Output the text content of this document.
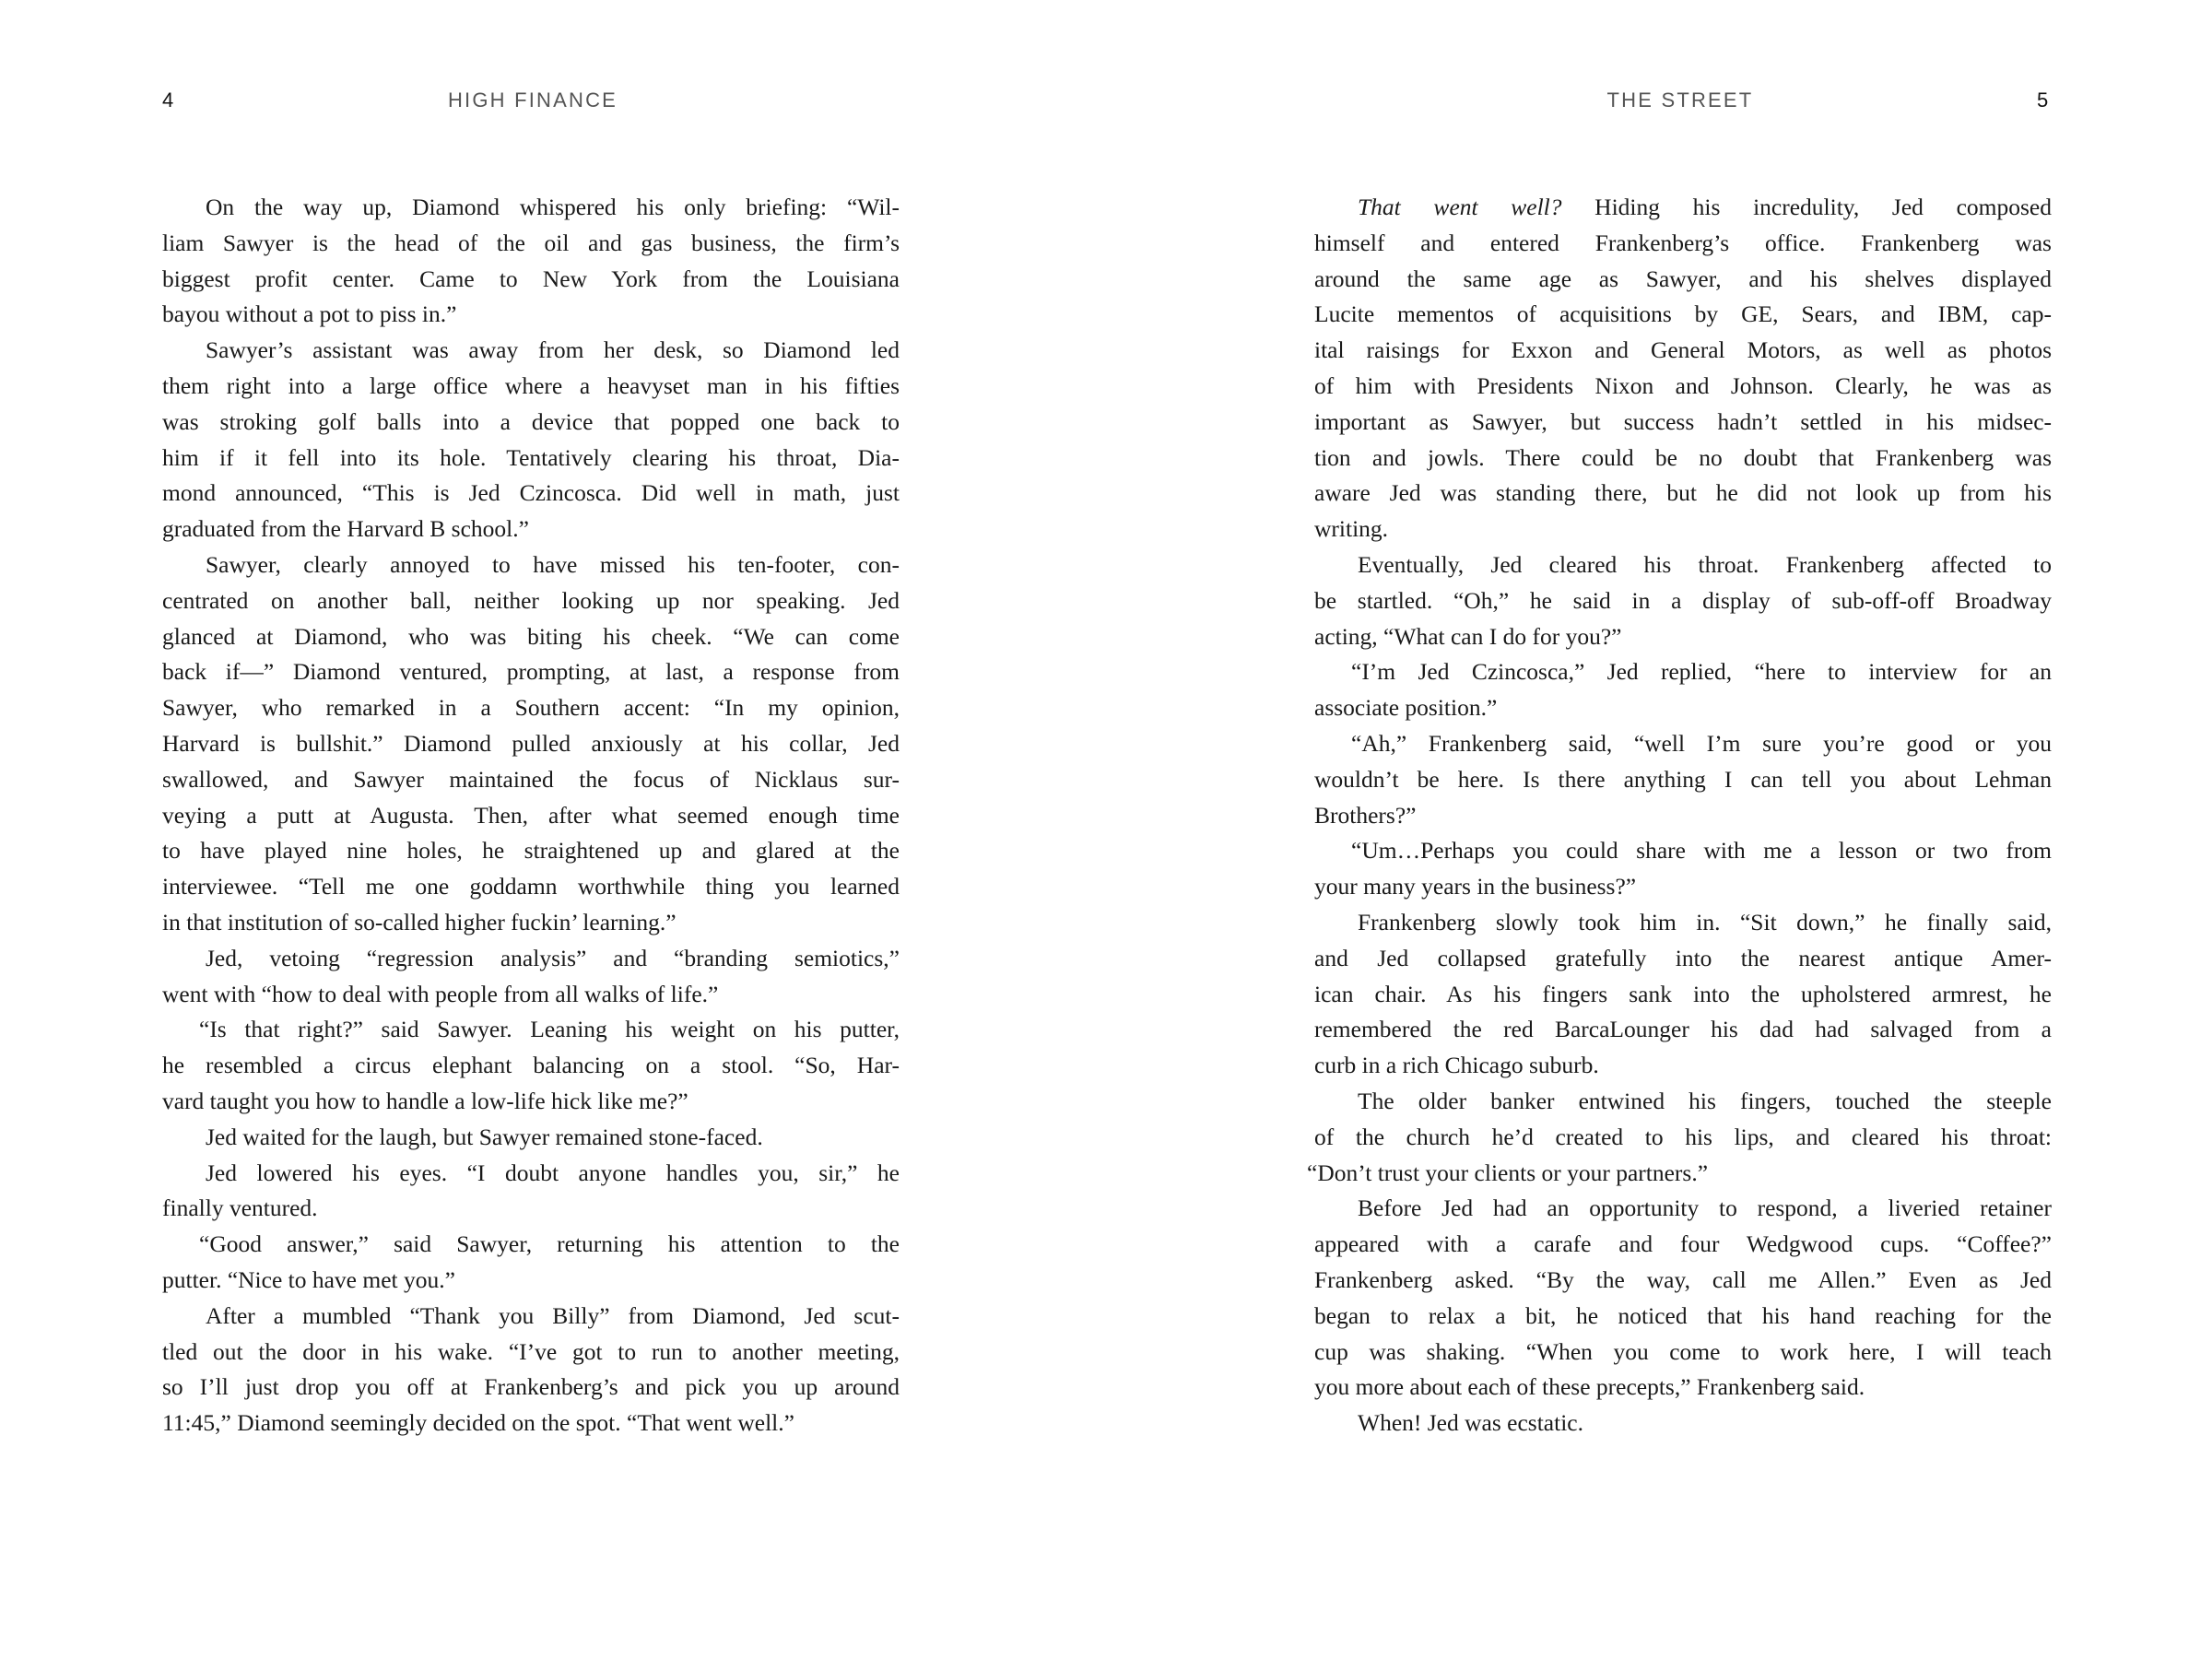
4	HIGH FINANCE
On the way up, Diamond whispered his only briefing: “Wil-
liam Sawyer is the head of the oil and gas business, the firm’s
biggest profit center. Came to New York from the Louisiana
bayou without a pot to piss in.”
Sawyer’s assistant was away from her desk, so Diamond led
them right into a large office where a heavyset man in his fifties
was stroking golf balls into a device that popped one back to
him if it fell into its hole. Tentatively clearing his throat, Dia-
mond announced, “This is Jed Czincosca. Did well in math, just
graduated from the Harvard B school.”
Sawyer, clearly annoyed to have missed his ten-footer, con-
centrated on another ball, neither looking up nor speaking. Jed
glanced at Diamond, who was biting his cheek. “We can come
back if—” Diamond ventured, prompting, at last, a response from
Sawyer, who remarked in a Southern accent: “In my opinion,
Harvard is bullshit.” Diamond pulled anxiously at his collar, Jed
swallowed, and Sawyer maintained the focus of Nicklaus sur-
veying a putt at Augusta. Then, after what seemed enough time
to have played nine holes, he straightened up and glared at the
interviewee. “Tell me one goddamn worthwhile thing you learned
in that institution of so-called higher fuckin’ learning.”
Jed, vetoing “regression analysis” and “branding semiotics,”
went with “how to deal with people from all walks of life.”
“Is that right?” said Sawyer. Leaning his weight on his putter,
he resembled a circus elephant balancing on a stool. “So, Har-
vard taught you how to handle a low-life hick like me?”
Jed waited for the laugh, but Sawyer remained stone-faced.
Jed lowered his eyes. “I doubt anyone handles you, sir,” he
finally ventured.
“Good answer,” said Sawyer, returning his attention to the
putter. “Nice to have met you.”
After a mumbled “Thank you Billy” from Diamond, Jed scut-
tled out the door in his wake. “I’ve got to run to another meeting,
so I’ll just drop you off at Frankenberg’s and pick you up around
11:45,” Diamond seemingly decided on the spot. “That went well.”
5
THE STREET
That went well? Hiding his incredulity, Jed composed
himself and entered Frankenberg’s office. Frankenberg was
around the same age as Sawyer, and his shelves displayed
Lucite mementos of acquisitions by GE, Sears, and IBM, cap-
ital raisings for Exxon and General Motors, as well as photos
of him with Presidents Nixon and Johnson. Clearly, he was as
important as Sawyer, but success hadn’t settled in his midsec-
tion and jowls. There could be no doubt that Frankenberg was
aware Jed was standing there, but he did not look up from his
writing.
Eventually, Jed cleared his throat. Frankenberg affected to
be startled. “Oh,” he said in a display of sub-off-off Broadway
acting, “What can I do for you?”
“I’m Jed Czincosca,” Jed replied, “here to interview for an
associate position.”
“Ah,” Frankenberg said, “well I’m sure you’re good or you
wouldn’t be here. Is there anything I can tell you about Lehman
Brothers?”
“Um…Perhaps you could share with me a lesson or two from
your many years in the business?”
Frankenberg slowly took him in. “Sit down,” he finally said,
and Jed collapsed gratefully into the nearest antique Amer-
ican chair. As his fingers sank into the upholstered armrest, he
remembered the red BarcaLounger his dad had salvaged from a
curb in a rich Chicago suburb.
The older banker entwined his fingers, touched the steeple
of the church he’d created to his lips, and cleared his throat:
“Don’t trust your clients or your partners.”
Before Jed had an opportunity to respond, a liveried retainer
appeared with a carafe and four Wedgwood cups. “Coffee?”
Frankenberg asked. “By the way, call me Allen.” Even as Jed
began to relax a bit, he noticed that his hand reaching for the
cup was shaking. “When you come to work here, I will teach
you more about each of these precepts,” Frankenberg said.
When! Jed was ecstatic.
